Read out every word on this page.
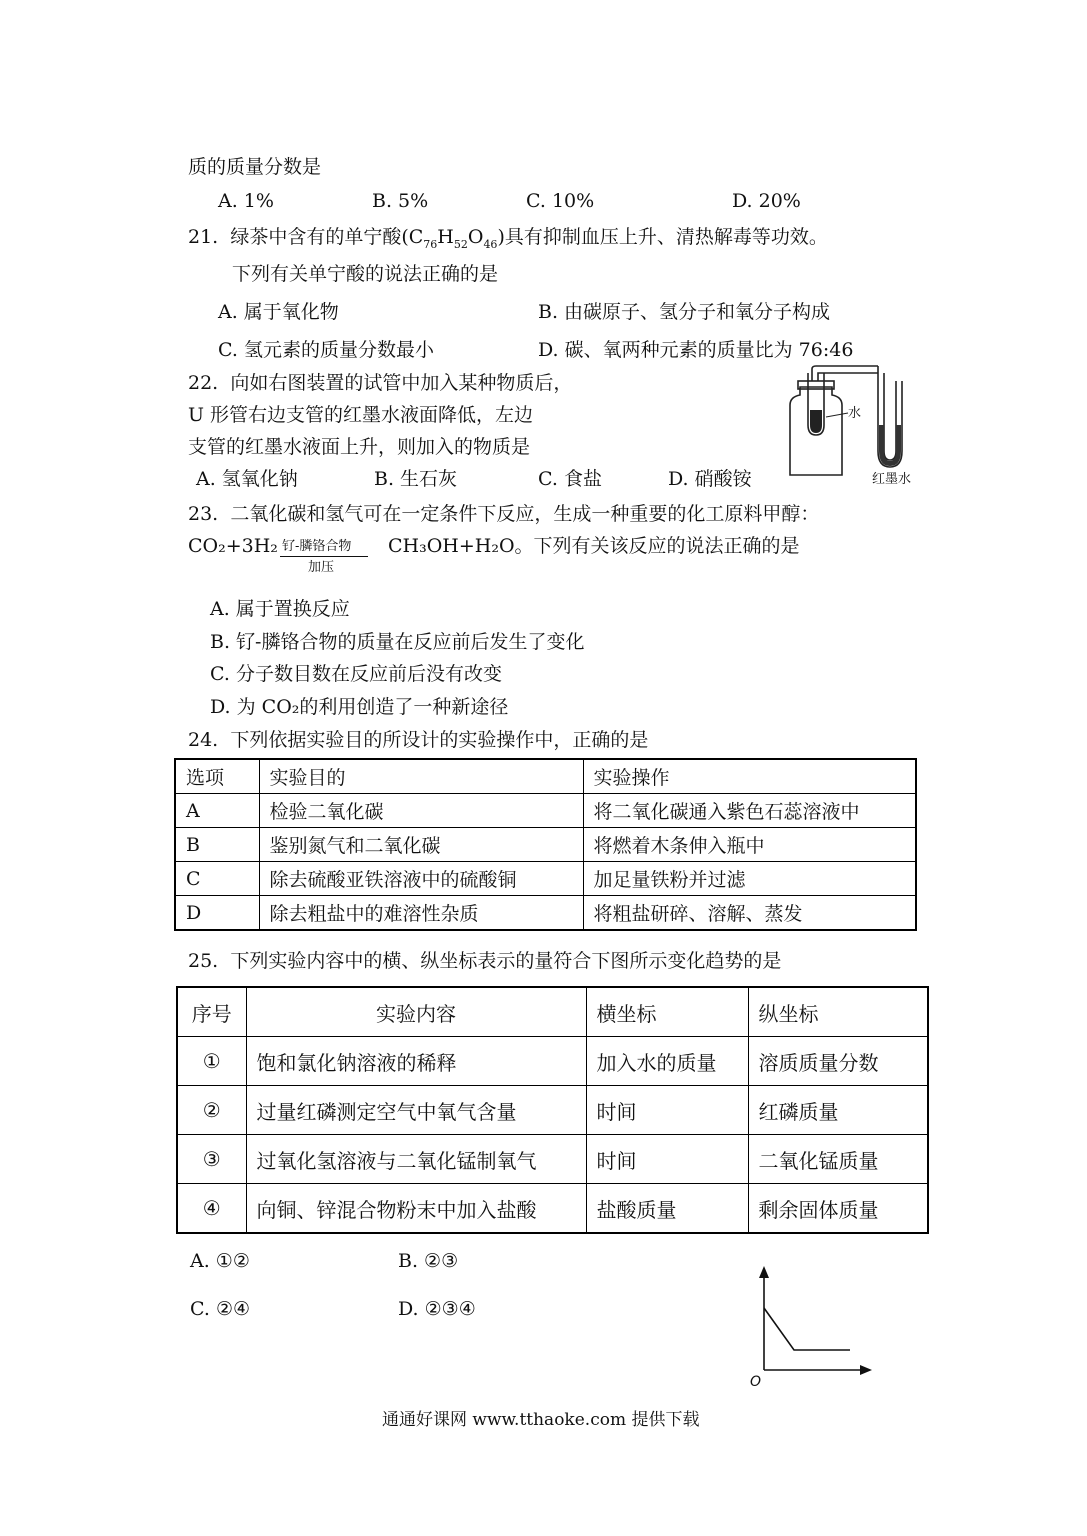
质的质量分数是
A. 1%	B. 5%	C. 10%	D. 20%
21. 绿茶中含有的单宁酸$(C_{76}H_{52}O_{46})$具有抑制血压上升、清热解毒等功效。
下列有关单宁酸的说法正确的是
A. 属于氧化物	B. 由碳原子、氢分子和氧分子构成
C. 氢元素的质量分数最小	D. 碳、氧两种元素的质量比为 76:46
22. 向如右图装置的试管中加入某种物质后，
U 形管右边支管的红墨水液面降低，左边
支管的红墨水液面上升，则加入的物质是
A. 氢氧化钠	B. 生石灰	C. 食盐	D. 硝酸铵
水
红墨水
23. 二氧化碳和氢气可在一定条件下反应，生成一种重要的化工原料甲醇：
CO₂+3H₂ 钌-膦铬合物
加压
CH₃OH+H₂O。下列有关该反应的说法正确的是
A. 属于置换反应
B. 钌-膦铬合物的质量在反应前后发生了变化
C. 分子数目数在反应前后没有改变
D. 为 CO₂的利用创造了一种新途径
24. 下列依据实验目的所设计的实验操作中，正确的是
选项	实验目的	实验操作
A	检验二氧化碳	将二氧化碳通入紫色石蕊溶液中
B	鉴别氮气和二氧化碳	将燃着木条伸入瓶中
C	除去硫酸亚铁溶液中的硫酸铜	加足量铁粉并过滤
D	除去粗盐中的难溶性杂质	将粗盐研碎、溶解、蒸发
25. 下列实验内容中的横、纵坐标表示的量符合下图所示变化趋势的是
序号	实验内容	横坐标	纵坐标
①	饱和氯化钠溶液的稀释	加入水的质量	溶质质量分数
②	过量红磷测定空气中氧气含量	时间	红磷质量
③	过氧化氢溶液与二氧化锰制氧气	时间	二氧化锰质量
④	向铜、锌混合物粉末中加入盐酸	盐酸质量	剩余固体质量
A. ①②	B. ②③
C. ②④	D. ②③④
O
通通好课网 www.tthaoke.com 提供下载
